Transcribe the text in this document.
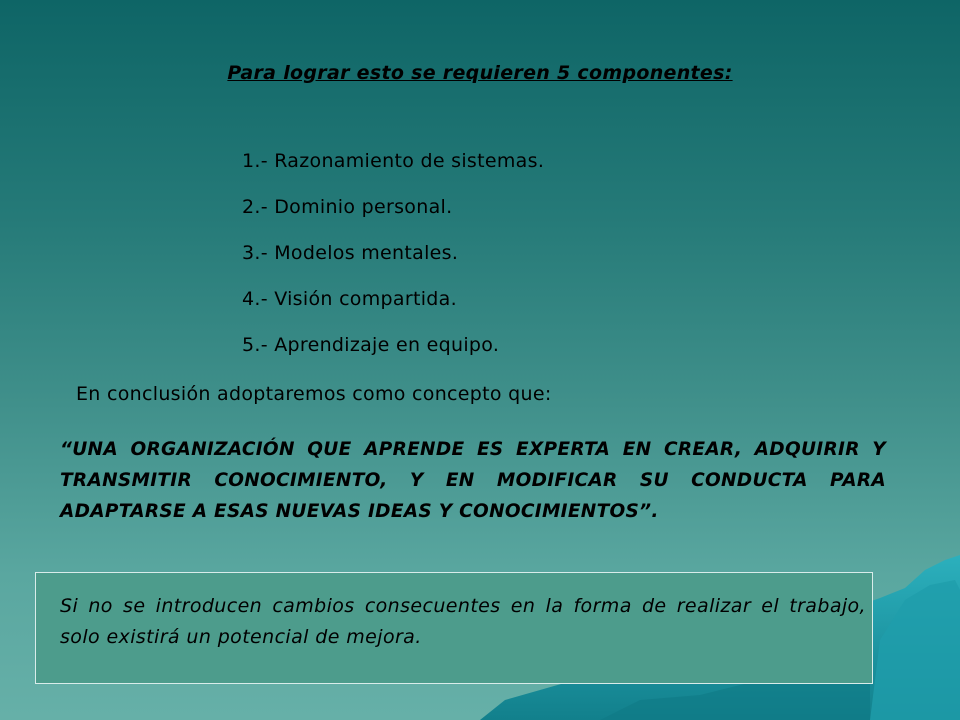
Para lograr esto se requieren 5 componentes:
1.- Razonamiento de sistemas.
2.- Dominio personal.
3.- Modelos mentales.
4.- Visión compartida.
5.- Aprendizaje en equipo.
En conclusión adoptaremos como concepto que:
“UNA ORGANIZACIÓN QUE APRENDE ES EXPERTA EN CREAR, ADQUIRIR Y TRANSMITIR CONOCIMIENTO, Y EN MODIFICAR SU CONDUCTA PARA ADAPTARSE A ESAS NUEVAS IDEAS Y CONOCIMIENTOS”.
Si no se introducen cambios consecuentes en la forma de realizar el trabajo, solo existirá un potencial de mejora.
